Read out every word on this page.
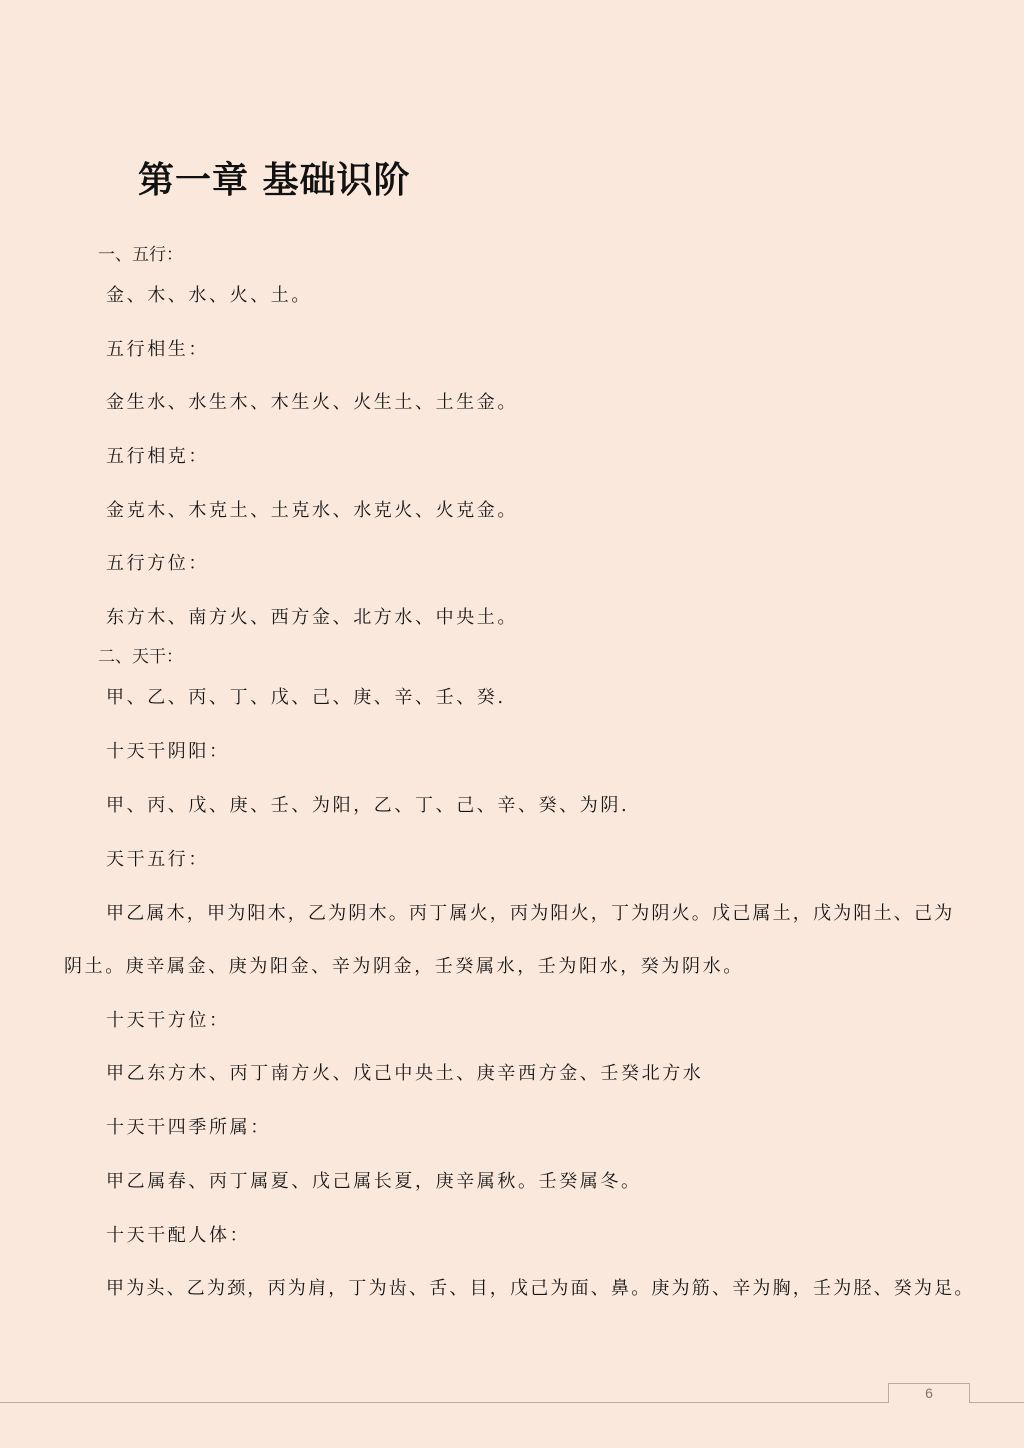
第一章 基础识阶
一、五行：
金、木、水、火、土。
五行相生：
金生水、水生木、木生火、火生土、土生金。
五行相克：
金克木、木克土、土克水、水克火、火克金。
五行方位：
东方木、南方火、西方金、北方水、中央土。
二、天干：
甲、乙、丙、丁、戊、己、庚、辛、壬、癸.
十天干阴阳：
甲、丙、戊、庚、壬、为阳，乙、丁、己、辛、癸、为阴.
天干五行：
甲乙属木，甲为阳木，乙为阴木。丙丁属火，丙为阳火，丁为阴火。戊己属土，戊为阳土、己为
阴土。庚辛属金、庚为阳金、辛为阴金，壬癸属水，壬为阳水，癸为阴水。
十天干方位：
甲乙东方木、丙丁南方火、戊己中央土、庚辛西方金、壬癸北方水
十天干四季所属：
甲乙属春、丙丁属夏、戊己属长夏，庚辛属秋。壬癸属冬。
十天干配人体：
甲为头、乙为颈，丙为肩，丁为齿、舌、目，戊己为面、鼻。庚为筋、辛为胸，壬为胫、癸为足。
6
